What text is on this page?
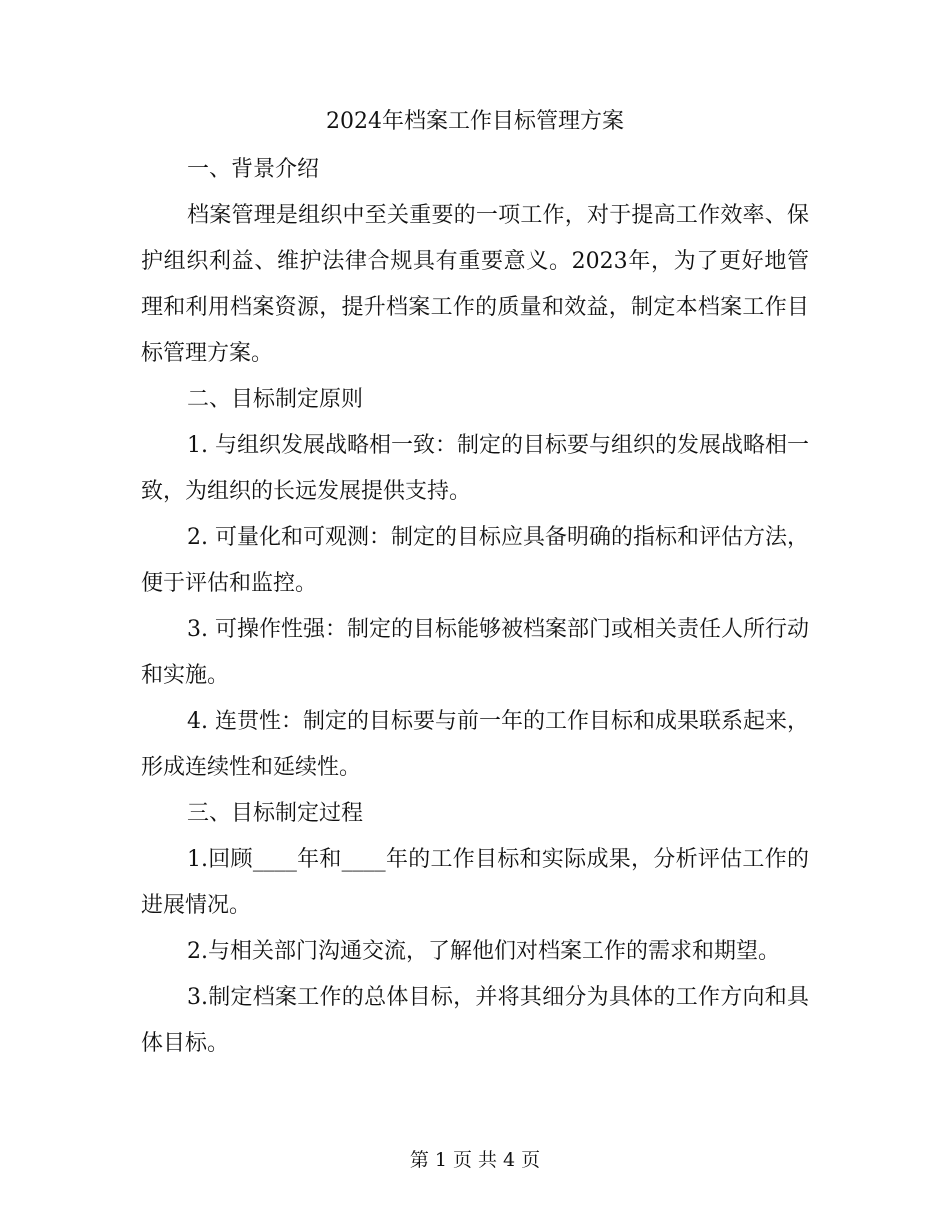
2024年档案工作目标管理方案

一、背景介绍

档案管理是组织中至关重要的一项工作，对于提高工作效率、保护组织利益、维护法律合规具有重要意义。2023年，为了更好地管理和利用档案资源，提升档案工作的质量和效益，制定本档案工作目标管理方案。

二、目标制定原则

1. 与组织发展战略相一致：制定的目标要与组织的发展战略相一致，为组织的长远发展提供支持。

2. 可量化和可观测：制定的目标应具备明确的指标和评估方法，便于评估和监控。

3. 可操作性强：制定的目标能够被档案部门或相关责任人所行动和实施。

4. 连贯性：制定的目标要与前一年的工作目标和成果联系起来，形成连续性和延续性。

三、目标制定过程

1.回顾____年和____年的工作目标和实际成果，分析评估工作的进展情况。

2.与相关部门沟通交流，了解他们对档案工作的需求和期望。

3.制定档案工作的总体目标，并将其细分为具体的工作方向和具体目标。

第 1 页 共 4 页
